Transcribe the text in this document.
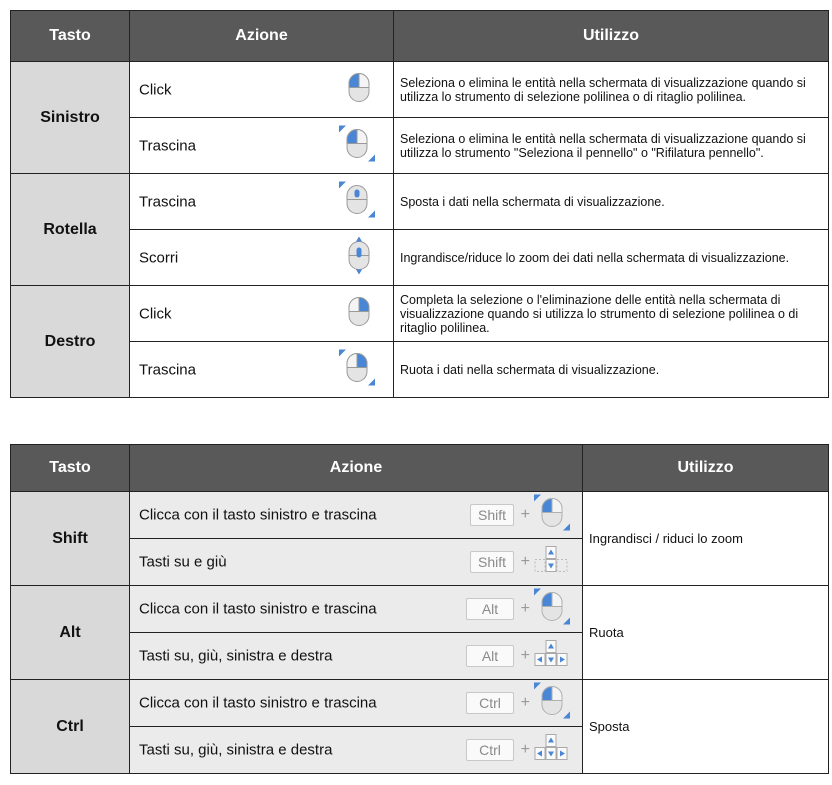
Tasto	Azione	Utilizzo
Sinistro	Click	Seleziona o elimina le entità nella schermata di visualizzazione quando si utilizza lo strumento di selezione polilinea o di ritaglio polilinea.

	Trascina	Seleziona o elimina le entità nella schermata di visualizzazione quando si utilizza lo strumento "Seleziona il pennello" o "Rifilatura pennello".
Rotella	Trascina	Sposta i dati nella schermata di visualizzazione.

	Scorri	Ingrandisce/riduce lo zoom dei dati nella schermata di visualizzazione.
Destro	Click	Completa la selezione o l'eliminazione delle entità nella schermata di visualizzazione quando si utilizza lo strumento di selezione polilinea o di ritaglio polilinea.

	Trascina	Ruota i dati nella schermata di visualizzazione.
Tasto	Azione	Utilizzo
Shift	Clicca con il tasto sinistro e trascina Shift +	Ingrandisci / riduci lo zoom

	Tasti su e giù Shift +	

Alt	Clicca con il tasto sinistro e trascina Alt +	Ruota

	Tasti su, giù, sinistra e destra Alt +	

Ctrl	Clicca con il tasto sinistro e trascina Ctrl +	Sposta

	Tasti su, giù, sinistra e destra Ctrl +	
